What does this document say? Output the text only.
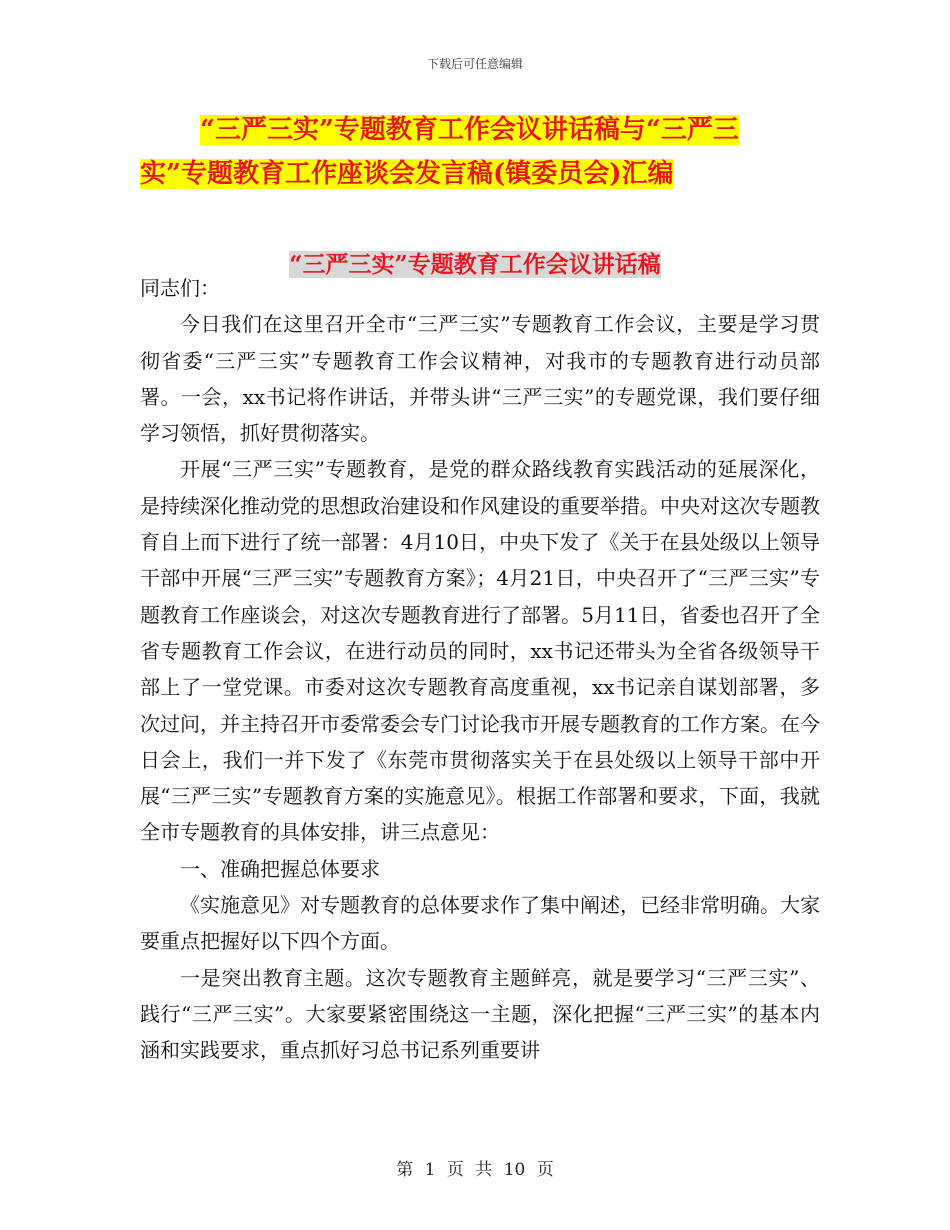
下载后可任意编辑
“三严三实”专题教育工作会议讲话稿与“三严三
实”专题教育工作座谈会发言稿(镇委员会)汇编
“三严三实”专题教育工作会议讲话稿

同志们：

今日我们在这里召开全市“三严三实”专题教育工作会议，主要是学习贯彻省委“三严三实”专题教育工作会议精神，对我市的专题教育进行动员部署。一会，xx书记将作讲话，并带头讲“三严三实”的专题党课，我们要仔细学习领悟，抓好贯彻落实。

开展“三严三实”专题教育，是党的群众路线教育实践活动的延展深化，是持续深化推动党的思想政治建设和作风建设的重要举措。中央对这次专题教育自上而下进行了统一部署：4月10日，中央下发了《关于在县处级以上领导干部中开展“三严三实”专题教育方案》；4月21日，中央召开了“三严三实”专题教育工作座谈会，对这次专题教育进行了部署。5月11日，省委也召开了全省专题教育工作会议，在进行动员的同时，xx书记还带头为全省各级领导干部上了一堂党课。市委对这次专题教育高度重视，xx书记亲自谋划部署，多次过问，并主持召开市委常委会专门讨论我市开展专题教育的工作方案。在今日会上，我们一并下发了《东莞市贯彻落实关于在县处级以上领导干部中开展“三严三实”专题教育方案的实施意见》。根据工作部署和要求，下面，我就全市专题教育的具体安排，讲三点意见：

一、准确把握总体要求

《实施意见》对专题教育的总体要求作了集中阐述，已经非常明确。大家要重点把握好以下四个方面。

一是突出教育主题。这次专题教育主题鲜亮，就是要学习“三严三实”、践行“三严三实”。大家要紧密围绕这一主题，深化把握“三严三实”的基本内涵和实践要求，重点抓好习总书记系列重要讲

第 1 页 共 10 页
